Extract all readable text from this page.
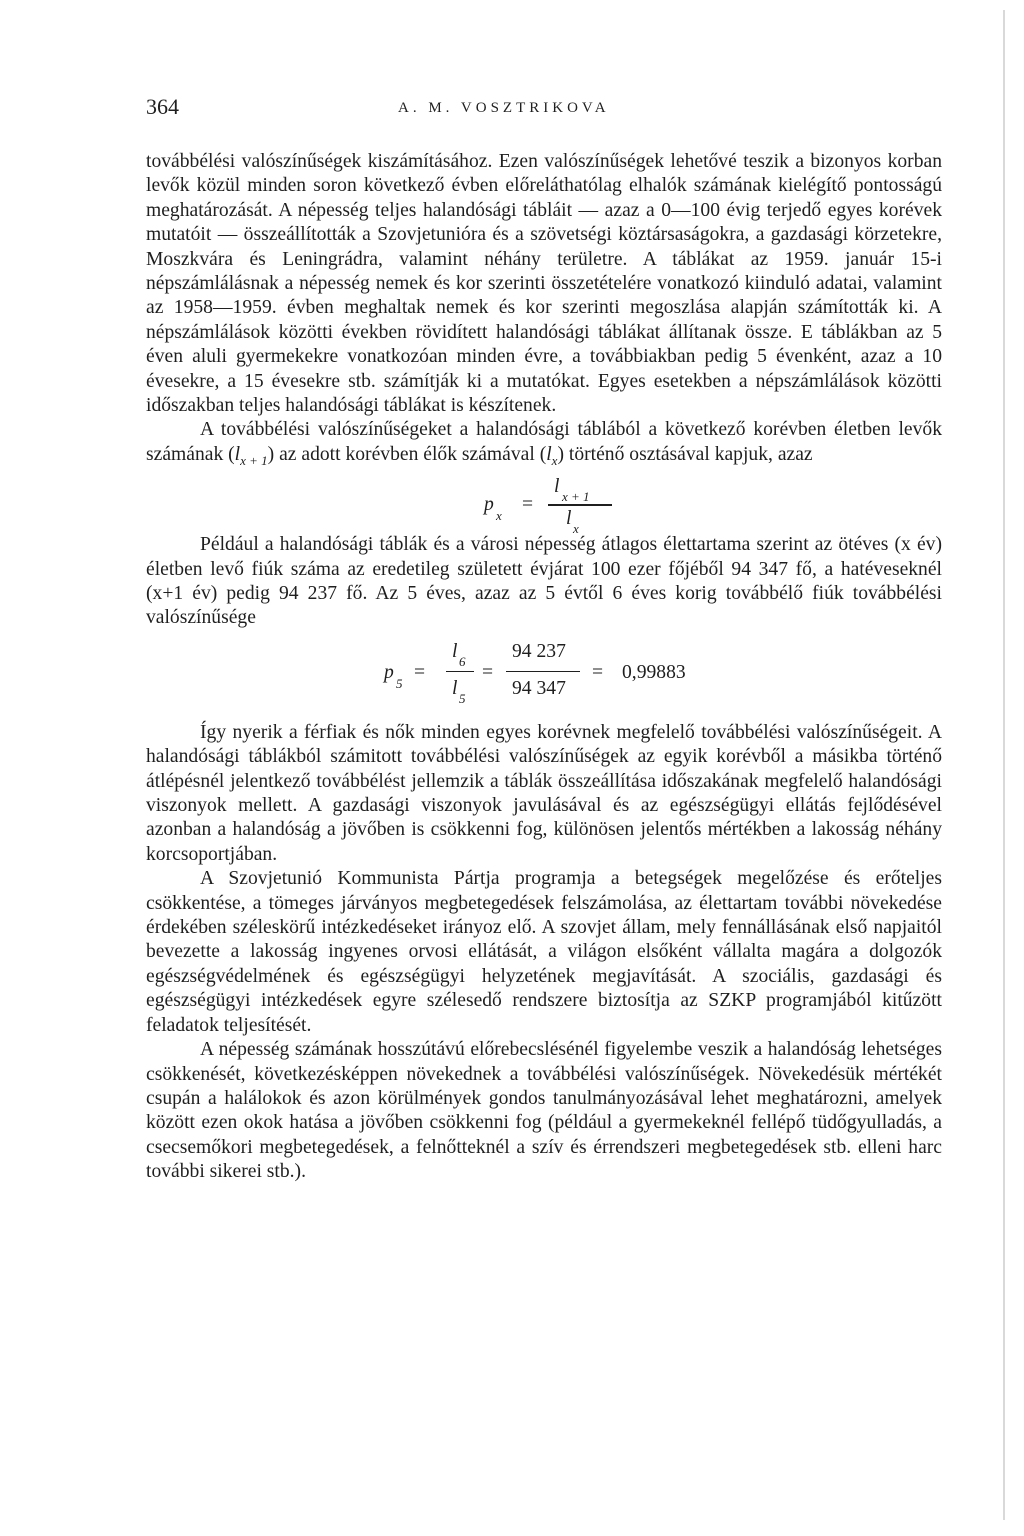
364	A. M. VOSZTRIKOVA

továbbélési valószínűségek kiszámításához. Ezen valószínűségek lehetővé teszik a bizonyos korban levők közül minden soron következő évben előreláthatólag elhalók számának kielégítő pontosságú meghatározását. A népesség teljes halandósági tábláit — azaz a 0—100 évig terjedő egyes korévek mutatóit — összeállították a Szovjetunióra és a szövetségi köztársaságokra, a gazdasági körzetekre, Moszkvára és Leningrádra, valamint néhány területre. A táblákat az 1959. január 15-i népszámlálásnak a népesség nemek és kor szerinti összetételére vonatkozó kiinduló adatai, valamint az 1958—1959. évben meghaltak nemek és kor szerinti megoszlása alapján számították ki. A népszámlálások közötti években rövidített halandósági táblákat állítanak össze. E táblákban az 5 éven aluli gyermekekre vonatkozóan minden évre, a továbbiakban pedig 5 évenként, azaz a 10 évesekre, a 15 évesekre stb. számítják ki a mutatókat. Egyes esetekben a népszámlálások közötti időszakban teljes halandósági táblákat is készítenek.

A továbbélési valószínűségeket a halandósági táblából a következő korévben életben levők számának $(l_{x + 1})$ az adott korévben élők számával $(l_x)$ történő osztásával kapjuk, azaz

p
x
=
l x + 1
l x

Például a halandósági táblák és a városi népesség átlagos élettartama szerint az ötéves (x év) életben levő fiúk száma az eredetileg született évjárat 100 ezer főjéből 94 347 fő, a hatéveseknél (x+1 év) pedig 94 237 fő. Az 5 éves, azaz az 5 évtől 6 éves korig továbbélő fiúk továbbélési valószínűsége

p
5
=
l 6
l 5
=
94 237
94 347
= 0,99883

Így nyerik a férfiak és nők minden egyes korévnek megfelelő továbbélési valószínűségeit. A halandósági táblákból számitott továbbélési valószínűségek az egyik korévből a másikba történő átlépésnél jelentkező továbbélést jellemzik a táblák összeállítása időszakának megfelelő halandósági viszonyok mellett. A gazdasági viszonyok javulásával és az egészségügyi ellátás fejlődésével azonban a halandóság a jövőben is csökkenni fog, különösen jelentős mértékben a lakosság néhány korcsoportjában.

A Szovjetunió Kommunista Pártja programja a betegségek megelőzése és erőteljes csökkentése, a tömeges járványos megbetegedések felszámolása, az élettartam további növekedése érdekében széleskörű intézkedéseket irányoz elő. A szovjet állam, mely fennállásának első napjaitól bevezette a lakosság ingyenes orvosi ellátását, a világon elsőként vállalta magára a dolgozók egészségvédelmének és egészségügyi helyzetének megjavítását. A szociális, gazdasági és egészségügyi intézkedések egyre szélesedő rendszere biztosítja az SZKP programjából kitűzött feladatok teljesítését.

A népesség számának hosszútávú előrebecslésénél figyelembe veszik a halandóság lehetséges csökkenését, következésképpen növekednek a továbbélési valószínűségek. Növekedésük mértékét csupán a halálokok és azon körülmények gondos tanulmányozásával lehet meghatározni, amelyek között ezen okok hatása a jövőben csökkenni fog (például a gyermekeknél fellépő tüdőgyulladás, a csecsemőkori megbetegedések, a felnőtteknél a szív és érrendszeri megbetegedések stb. elleni harc további sikerei stb.).
